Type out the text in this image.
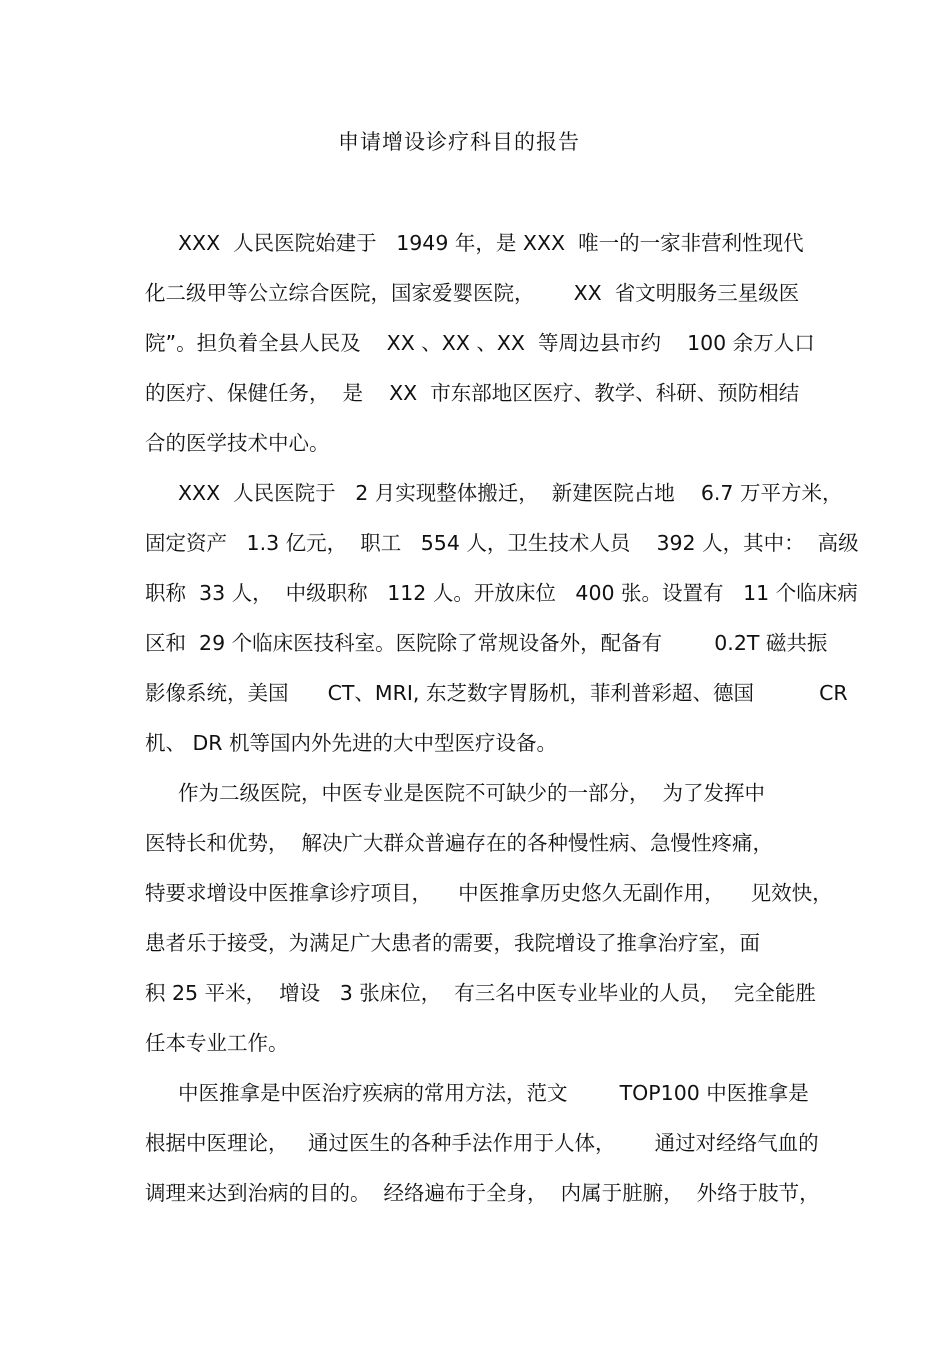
申请增设诊疗科目的报告
XXX  人民医院始建于   1949 年，是 XXX  唯一的一家非营利性现代
化二级甲等公立综合医院，国家爱婴医院，      XX  省文明服务三星级医
院”。担负着全县人民及    XX 、XX 、XX  等周边县市约    100 余万人口
的医疗、保健任务，  是    XX  市东部地区医疗、教学、科研、预防相结
合的医学技术中心。
XXX  人民医院于   2 月实现整体搬迁，  新建医院占地    6.7 万平方米，
固定资产   1.3 亿元，  职工   554 人，卫生技术人员    392 人，其中：  高级
职称  33 人，  中级职称   112 人。开放床位   400 张。设置有   11 个临床病
区和  29 个临床医技科室。医院除了常规设备外，配备有        0.2T 磁共振
影像系统，美国      CT、MRI, 东芝数字胃肠机，菲利普彩超、德国          CR
机、 DR 机等国内外先进的大中型医疗设备。
作为二级医院，中医专业是医院不可缺少的一部分，  为了发挥中
医特长和优势，  解决广大群众普遍存在的各种慢性病、急慢性疼痛，
特要求增设中医推拿诊疗项目，    中医推拿历史悠久无副作用，    见效快，
患者乐于接受，为满足广大患者的需要，我院增设了推拿治疗室，面
积 25 平米，  增设   3 张床位，  有三名中医专业毕业的人员，  完全能胜
任本专业工作。
中医推拿是中医治疗疾病的常用方法，范文        TOP100 中医推拿是
根据中医理论，   通过医生的各种手法作用于人体，      通过对经络气血的
调理来达到治病的目的。  经络遍布于全身，  内属于脏腑，  外络于肢节，
